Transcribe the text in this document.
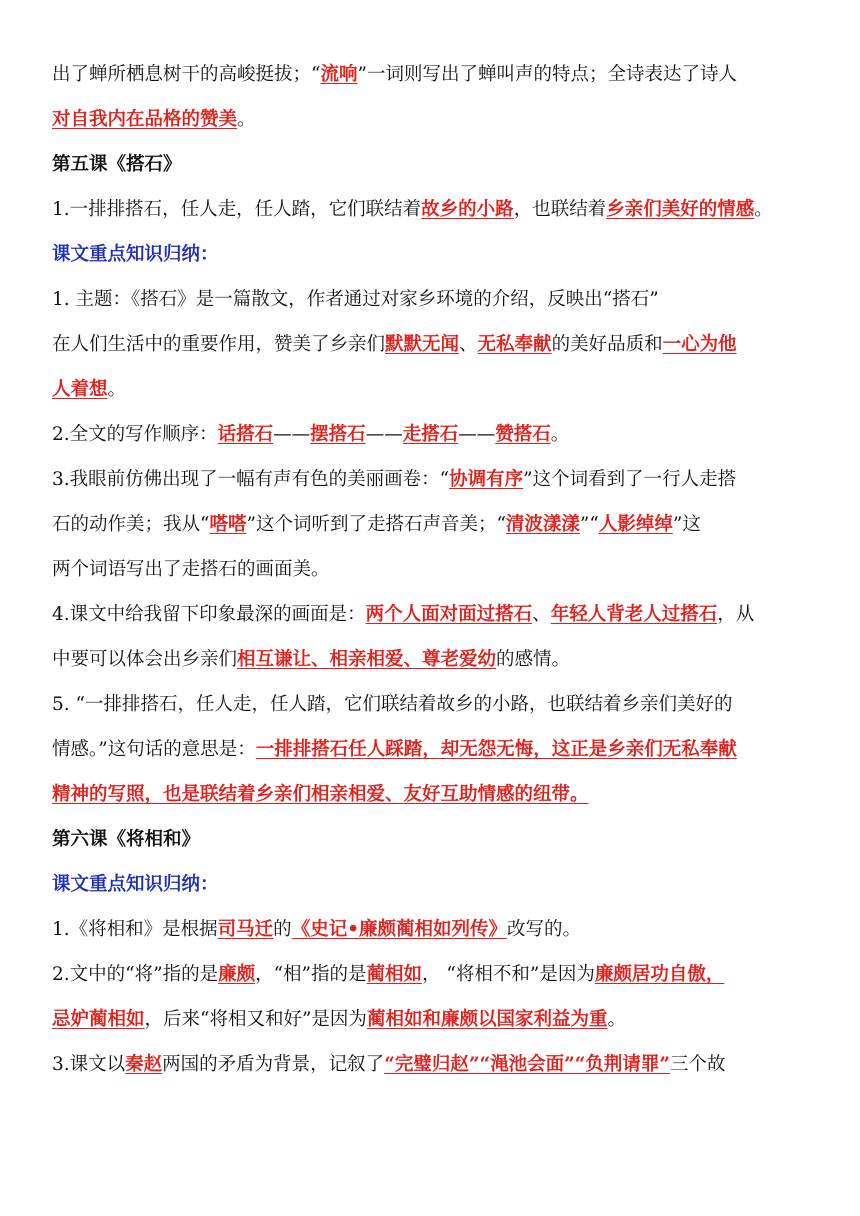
出了蝉所栖息树干的高峻挺拔；“流响”一词则写出了蝉叫声的特点；全诗表达了诗人
对自我内在品格的赞美。
第五课《搭石》
1.一排排搭石，任人走，任人踏，它们联结着故乡的小路，也联结着乡亲们美好的情感。
课文重点知识归纳：
1. 主题：《搭石》是一篇散文，作者通过对家乡环境的介绍，反映出“搭石”
在人们生活中的重要作用，赞美了乡亲们默默无闻、无私奉献的美好品质和一心为他
人着想。
2.全文的写作顺序：话搭石——摆搭石——走搭石——赞搭石。
3.我眼前仿佛出现了一幅有声有色的美丽画卷：“协调有序”这个词看到了一行人走搭
石的动作美；我从“嗒嗒”这个词听到了走搭石声音美；“清波漾漾”“人影绰绰”这
两个词语写出了走搭石的画面美。
4.课文中给我留下印象最深的画面是：两个人面对面过搭石、年轻人背老人过搭石，从
中要可以体会出乡亲们相互谦让、相亲相爱、尊老爱幼的感情。
5. “一排排搭石，任人走，任人踏，它们联结着故乡的小路，也联结着乡亲们美好的
情感。”这句话的意思是：一排排搭石任人踩踏，却无怨无悔，这正是乡亲们无私奉献
精神的写照，也是联结着乡亲们相亲相爱、友好互助情感的纽带。
第六课《将相和》
课文重点知识归纳：
1.《将相和》是根据司马迁的《史记•廉颇蔺相如列传》改写的。
2.文中的“将”指的是廉颇，“相”指的是蔺相如， “将相不和”是因为廉颇居功自傲，
忌妒蔺相如，后来“将相又和好”是因为蔺相如和廉颇以国家利益为重。
3.课文以秦赵两国的矛盾为背景，记叙了“完璧归赵”“渑池会面”“负荆请罪”三个故
